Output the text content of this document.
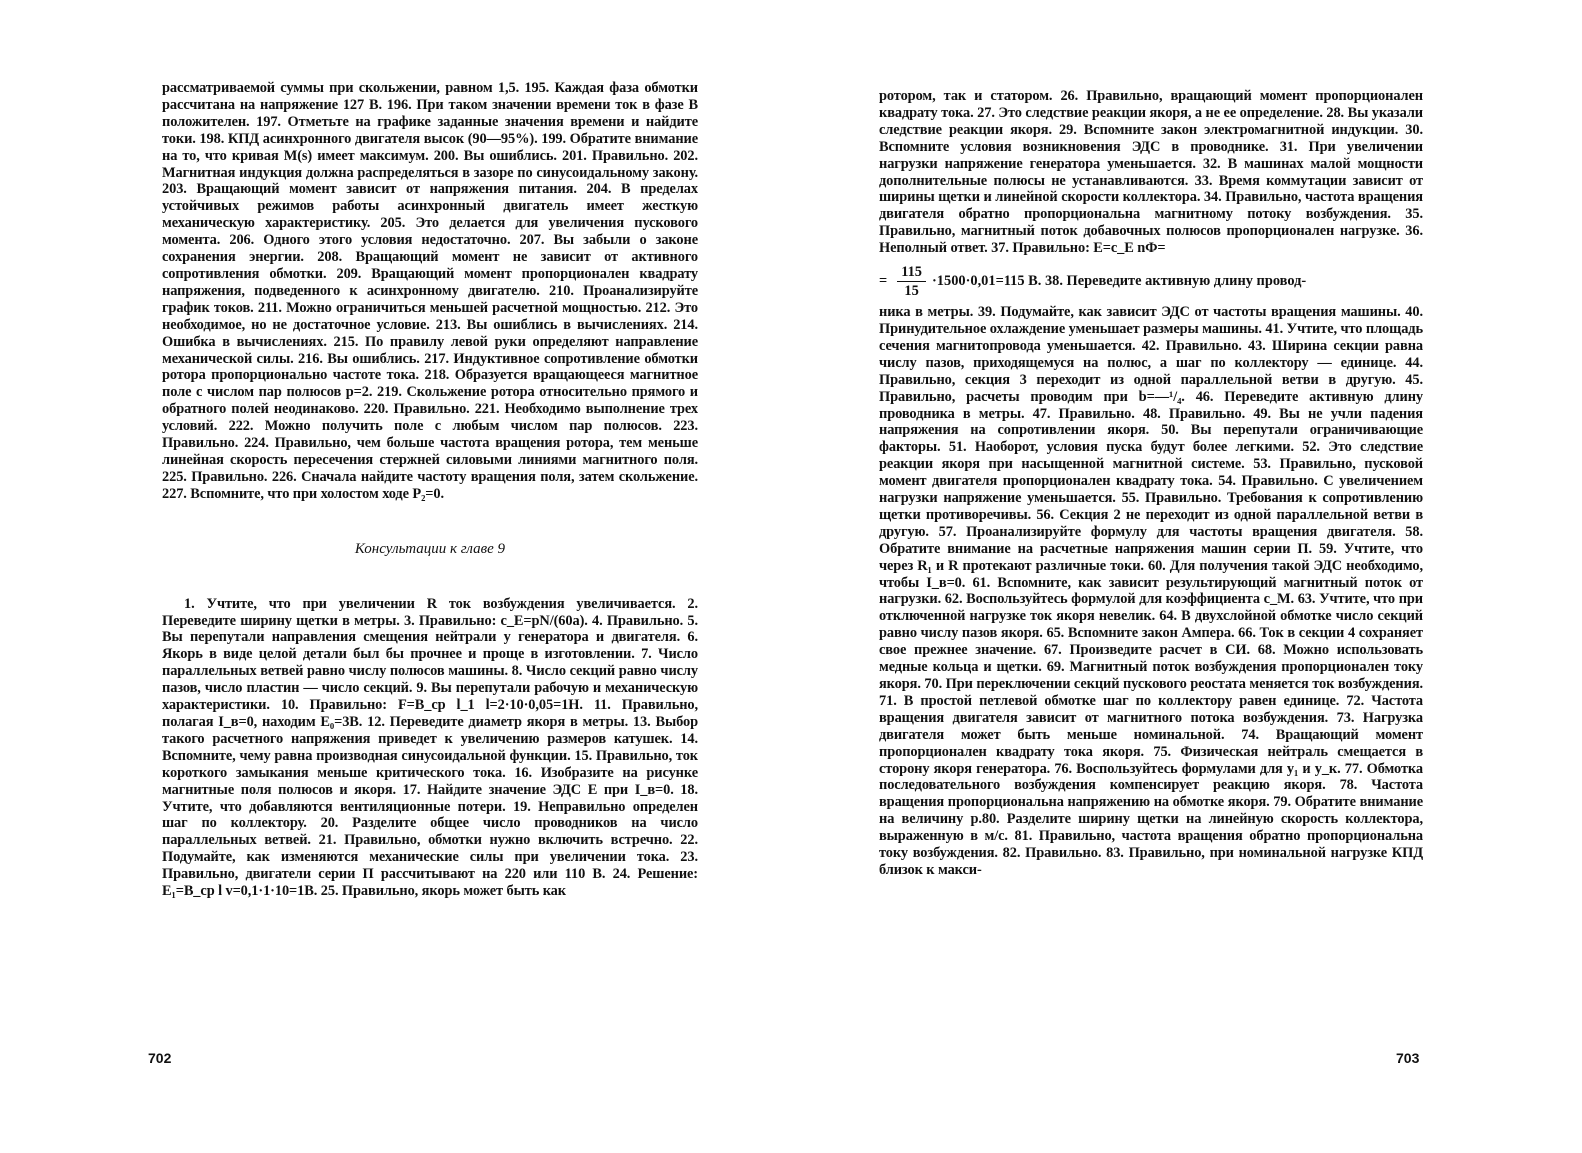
рассматриваемой суммы при скольжении, равном 1,5. 195. Каждая фаза обмотки рассчитана на напряжение 127 В. 196. При таком значении времени ток в фазе B положителен. 197. Отметьте на графике заданные значения времени и найдите токи. 198. КПД асинхронного двигателя высок (90—95%). 199. Обратите внимание на то, что кривая M(s) имеет максимум. 200. Вы ошиблись. 201. Правильно. 202. Магнитная индукция должна распределяться в зазоре по синусоидальному закону. 203. Вращающий момент зависит от напряжения питания. 204. В пределах устойчивых режимов работы асинхронный двигатель имеет жесткую механическую характеристику. 205. Это делается для увеличения пускового момента. 206. Одного этого условия недостаточно. 207. Вы забыли о законе сохранения энергии. 208. Вращающий момент не зависит от активного сопротивления обмотки. 209. Вращающий момент пропорционален квадрату напряжения, подведенного к асинхронному двигателю. 210. Проанализируйте график токов. 211. Можно ограничиться меньшей расчетной мощностью. 212. Это необходимое, но не достаточное условие. 213. Вы ошиблись в вычислениях. 214. Ошибка в вычислениях. 215. По правилу левой руки определяют направление механической силы. 216. Вы ошиблись. 217. Индуктивное сопротивление обмотки ротора пропорционально частоте тока. 218. Образуется вращающееся магнитное поле с числом пар полюсов p=2. 219. Скольжение ротора относительно прямого и обратного полей неодинаково. 220. Правильно. 221. Необходимо выполнение трех условий. 222. Можно получить поле с любым числом пар полюсов. 223. Правильно. 224. Правильно, чем больше частота вращения ротора, тем меньше линейная скорость пересечения стержней силовыми линиями магнитного поля. 225. Правильно. 226. Сначала найдите частоту вращения поля, затем скольжение. 227. Вспомните, что при холостом ходе P₂=0.

Консультации к главе 9

1. Учтите, что при увеличении R ток возбуждения увеличивается. 2. Переведите ширину щетки в метры. 3. Правильно: c_E=pN/(60a). 4. Правильно. 5. Вы перепутали направления смещения нейтрали у генератора и двигателя. 6. Якорь в виде целой детали был бы прочнее и проще в изготовлении. 7. Число параллельных ветвей равно числу полюсов машины. 8. Число секций равно числу пазов, число пластин — число секций. 9. Вы перепутали рабочую и механическую характеристики. 10. Правильно: F=B_cp l_1 l=2·10·0,05=1Н. 11. Правильно, полагая I_в=0, находим E₀=3В. 12. Переведите диаметр якоря в метры. 13. Выбор такого расчетного напряжения приведет к увеличению размеров катушек. 14. Вспомните, чему равна производная синусоидальной функции. 15. Правильно, ток короткого замыкания меньше критического тока. 16. Изобразите на рисунке магнитные поля полюсов и якоря. 17. Найдите значение ЭДС E при I_в=0. 18. Учтите, что добавляются вентиляционные потери. 19. Неправильно определен шаг по коллектору. 20. Разделите общее число проводников на число параллельных ветвей. 21. Правильно, обмотки нужно включить встречно. 22. Подумайте, как изменяются механические силы при увеличении тока. 23. Правильно, двигатели серии П рассчитывают на 220 или 110 В. 24. Решение: E₁=B_cp l v=0,1·1·10=1В. 25. Правильно, якорь может быть как

702

ротором, так и статором. 26. Правильно, вращающий момент пропорционален квадрату тока. 27. Это следствие реакции якоря, а не ее определение. 28. Вы указали следствие реакции якоря. 29. Вспомните закон электромагнитной индукции. 30. Вспомните условия возникновения ЭДС в проводнике. 31. При увеличении нагрузки напряжение генератора уменьшается. 32. В машинах малой мощности дополнительные полюсы не устанавливаются. 33. Время коммутации зависит от ширины щетки и линейной скорости коллектора. 34. Правильно, частота вращения двигателя обратно пропорциональна магнитному потоку возбуждения. 35. Правильно, магнитный поток добавочных полюсов пропорционален нагрузке. 36. Неполный ответ. 37. Правильно: E=c_E nФ=

= $\frac{115}{15} \cdot 1500\cdot 0,01=115$ В. 38. Переведите активную длину провод-

ника в метры. 39. Подумайте, как зависит ЭДС от частоты вращения машины. 40. Принудительное охлаждение уменьшает размеры машины. 41. Учтите, что площадь сечения магнитопровода уменьшается. 42. Правильно. 43. Ширина секции равна числу пазов, приходящемуся на полюс, а шаг по коллектору — единице. 44. Правильно, секция 3 переходит из одной параллельной ветви в другую. 45. Правильно, расчеты проводим при b=—¹/₄. 46. Переведите активную длину проводника в метры. 47. Правильно. 48. Правильно. 49. Вы не учли падения напряжения на сопротивлении якоря. 50. Вы перепутали ограничивающие факторы. 51. Наоборот, условия пуска будут более легкими. 52. Это следствие реакции якоря при насыщенной магнитной системе. 53. Правильно, пусковой момент двигателя пропорционален квадрату тока. 54. Правильно. С увеличением нагрузки напряжение уменьшается. 55. Правильно. Требования к сопротивлению щетки противоречивы. 56. Секция 2 не переходит из одной параллельной ветви в другую. 57. Проанализируйте формулу для частоты вращения двигателя. 58. Обратите внимание на расчетные напряжения машин серии П. 59. Учтите, что через R₁ и R протекают различные токи. 60. Для получения такой ЭДС необходимо, чтобы I_в=0. 61. Вспомните, как зависит результирующий магнитный поток от нагрузки. 62. Воспользуйтесь формулой для коэффициента c_M. 63. Учтите, что при отключенной нагрузке ток якоря невелик. 64. В двухслойной обмотке число секций равно числу пазов якоря. 65. Вспомните закон Ампера. 66. Ток в секции 4 сохраняет свое прежнее значение. 67. Произведите расчет в СИ. 68. Можно использовать медные кольца и щетки. 69. Магнитный поток возбуждения пропорционален току якоря. 70. При переключении секций пускового реостата меняется ток возбуждения. 71. В простой петлевой обмотке шаг по коллектору равен единице. 72. Частота вращения двигателя зависит от магнитного потока возбуждения. 73. Нагрузка двигателя может быть меньше номинальной. 74. Вращающий момент пропорционален квадрату тока якоря. 75. Физическая нейтраль смещается в сторону якоря генератора. 76. Воспользуйтесь формулами для y₁ и y_к. 77. Обмотка последовательного возбуждения компенсирует реакцию якоря. 78. Частота вращения пропорциональна напряжению на обмотке якоря. 79. Обратите внимание на величину p.80. Разделите ширину щетки на линейную скорость коллектора, выраженную в м/с. 81. Правильно, частота вращения обратно пропорциональна току возбуждения. 82. Правильно. 83. Правильно, при номинальной нагрузке КПД близок к макси-

703
